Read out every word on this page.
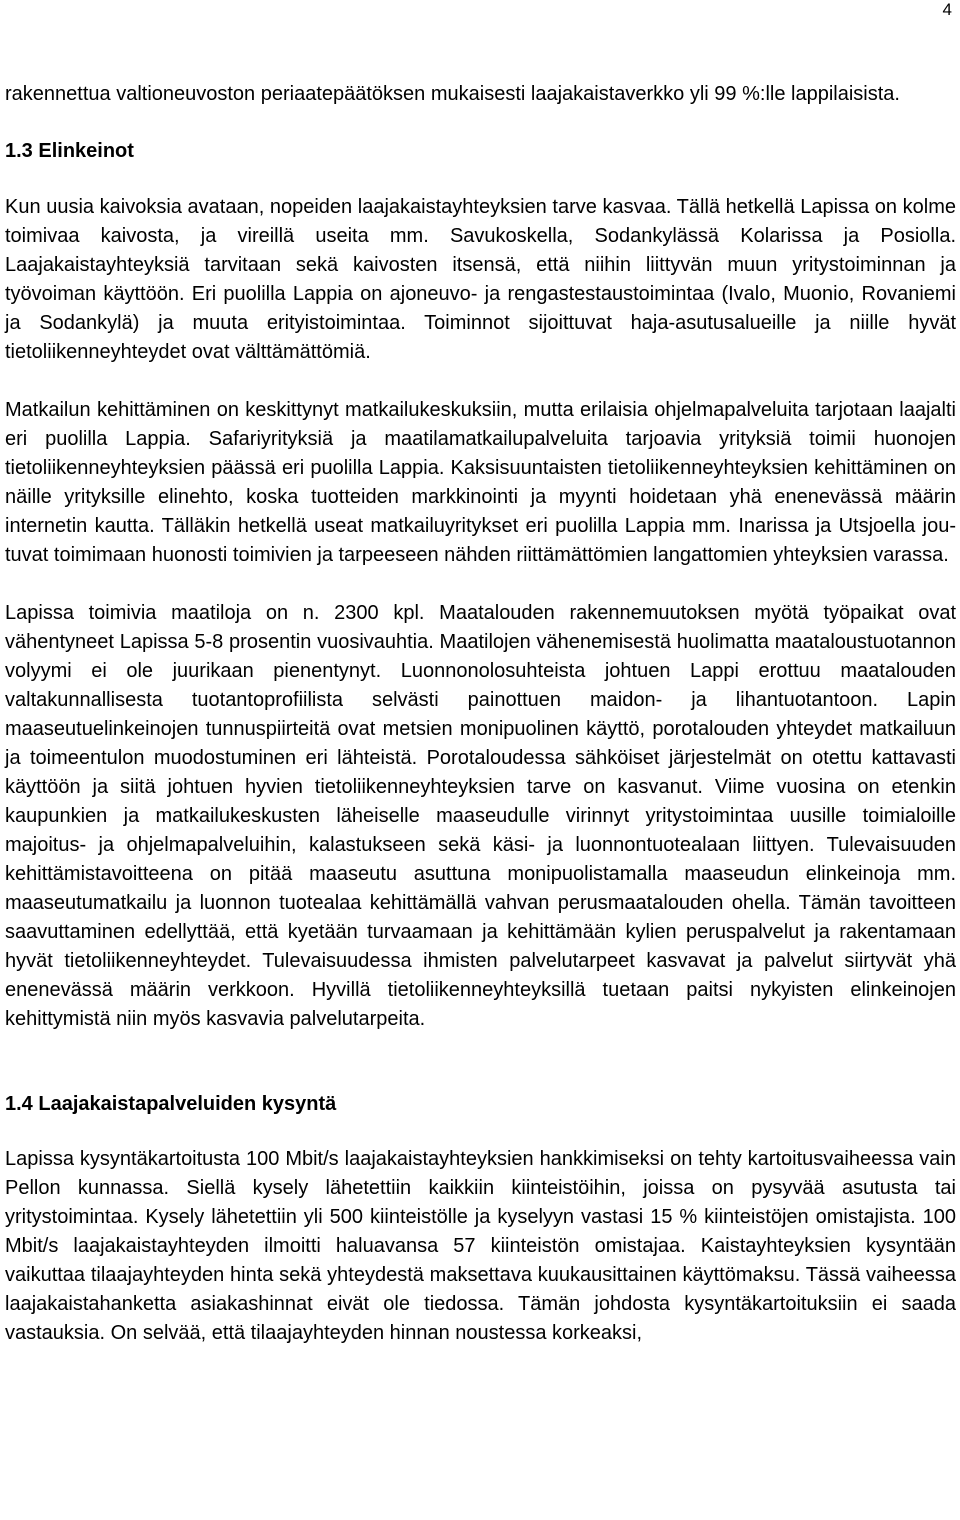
4

rakennettua valtioneuvoston periaatepäätöksen mukaisesti laajakaistaverkko yli 99 %:lle lappilaisista.

1.3 Elinkeinot

Kun uusia kaivoksia avataan, nopeiden laajakaistayhteyksien tarve kasvaa. Tällä hetkellä Lapissa on kolme toimivaa kaivosta, ja vireillä useita mm. Savukoskella, Sodankylässä Kolarissa ja Posiolla. Laajakaistayhteyksiä tarvitaan sekä kaivosten itsensä, että niihin liittyvän muun yritystoiminnan ja työvoiman käyttöön. Eri puolilla Lappia on ajoneuvo- ja rengastestaustoimintaa (Ivalo, Muonio, Rovaniemi ja Sodankylä) ja muuta erityistoimintaa. Toiminnot sijoittuvat haja-asutusalueille ja niille hyvät tietoliikenneyhteydet ovat välttämättömiä.

Matkailun kehittäminen on keskittynyt matkailukeskuksiin, mutta erilaisia ohjelmapalveluita tarjotaan laajalti eri puolilla Lappia. Safariyrityksiä ja maatilamatkailupalveluita tarjoavia yrityksiä toimii huonojen tietoliikenneyhteyksien päässä eri puolilla Lappia. Kaksisuuntaisten tietoliikenneyhteyksien kehittäminen on näille yrityksille elinehto, koska tuotteiden markkinointi ja myynti hoidetaan yhä enenevässä määrin internetin kautta. Tälläkin hetkellä useat matkailuyritykset eri puolilla Lappia mm. Inarissa ja Utsjoella joutuvat toimimaan huonosti toimivien ja tarpeeseen nähden riittämättömien langattomien yhteyksien varassa.

Lapissa toimivia maatiloja on n. 2300 kpl. Maatalouden rakennemuutoksen myötä työpaikat ovat vähentyneet Lapissa 5-8 prosentin vuosivauhtia. Maatilojen vähenemisestä huolimatta maataloustuotannon volyymi ei ole juurikaan pienentynyt. Luonnonolosuhteista johtuen Lappi erottuu maatalouden valtakunnallisesta tuotantoprofiilista selvästi painottuen maidon- ja lihantuotantoon. Lapin maaseutuelinkeinojen tunnuspiirteitä ovat metsien monipuolinen käyttö, porotalouden yhteydet matkailuun ja toimeentulon muodostuminen eri lähteistä. Porotaloudessa sähköiset järjestelmät on otettu kattavasti käyttöön ja siitä johtuen hyvien tietoliikenneyhteyksien tarve on kasvanut. Viime vuosina on etenkin kaupunkien ja matkailukeskusten läheiselle maaseudulle virinnyt yritystoimintaa uusille toimialoille majoitus- ja ohjelmapalveluihin, kalastukseen sekä käsi- ja luonnontuotealaan liittyen. Tulevaisuuden kehittämistavoitteena on pitää maaseutu asuttuna monipuolistamalla maaseudun elinkeinoja mm. maaseutumatkailu ja luonnon tuotealaa kehittämällä vahvan perusmaatalouden ohella. Tämän tavoitteen saavuttaminen edellyttää, että kyetään turvaamaan ja kehittämään kylien peruspalvelut ja rakentamaan hyvät tietoliikenneyhteydet. Tulevaisuudessa ihmisten palvelutarpeet kasvavat ja palvelut siirtyvät yhä enenevässä määrin verkkoon. Hyvillä tietoliikenneyhteyksillä tuetaan paitsi nykyisten elinkeinojen kehittymistä niin myös kasvavia palvelutarpeita.

1.4 Laajakaistapalveluiden kysyntä

Lapissa kysyntäkartoitusta 100 Mbit/s laajakaistayhteyksien hankkimiseksi on tehty kartoitusvaiheessa vain Pellon kunnassa. Siellä kysely lähetettiin kaikkiin kiinteistöihin, joissa on pysyvää asutusta tai yritystoimintaa. Kysely lähetettiin yli 500 kiinteistölle ja kyselyyn vastasi 15 % kiinteistöjen omistajista. 100 Mbit/s laajakaistayhteyden ilmoitti haluavansa 57 kiinteistön omistajaa. Kaistayhteyksien kysyntään vaikuttaa tilaajayhteyden hinta sekä yhteydestä maksettava kuukausittainen käyttömaksu. Tässä vaiheessa laajakaistahanketta asiakashinnat eivät ole tiedossa. Tämän johdosta kysyntäkartoituksiin ei saada vastauksia. On selvää, että tilaajayhteyden hinnan noustessa korkeaksi,
